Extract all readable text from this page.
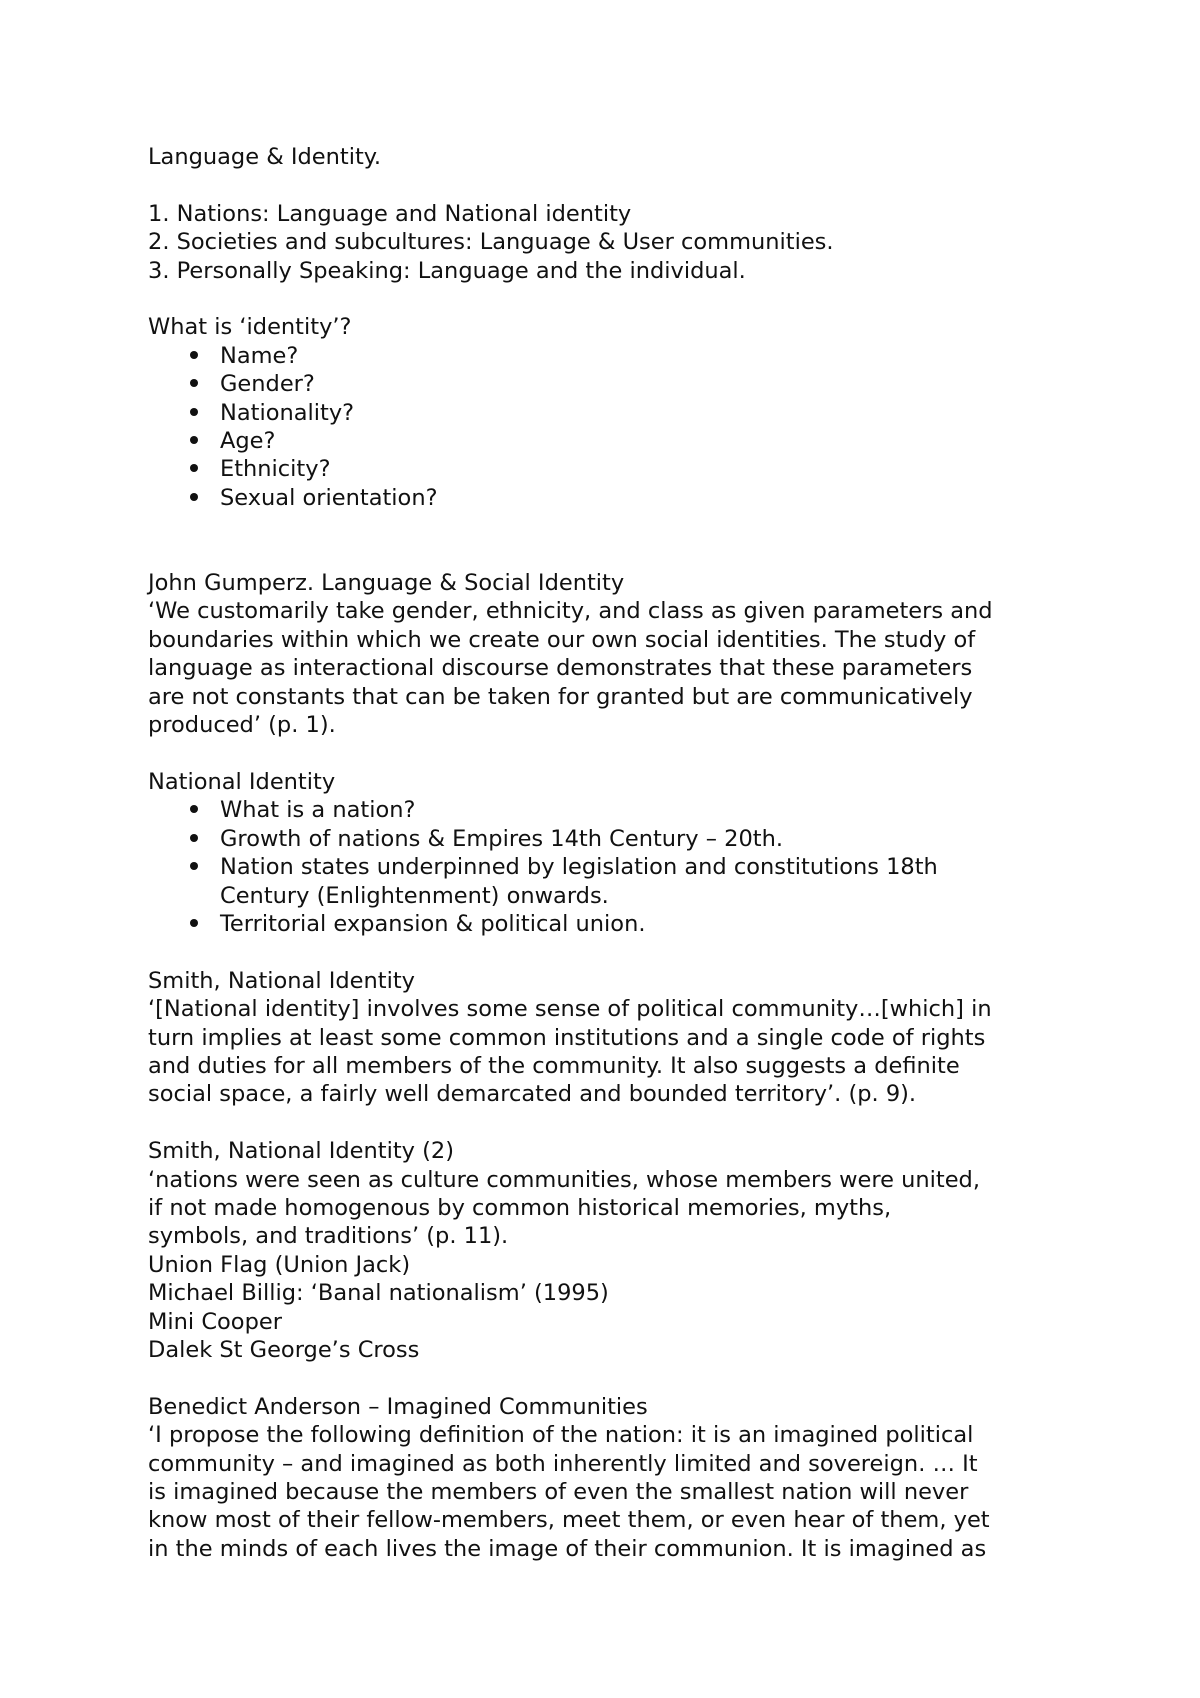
Language & Identity.
1. Nations: Language and National identity
2. Societies and subcultures: Language & User communities.
3. Personally Speaking: Language and the individual.
What is ‘identity’?
Name?
Gender?
Nationality?
Age?
Ethnicity?
Sexual orientation?
John Gumperz. Language & Social Identity
‘We customarily take gender, ethnicity, and class as given parameters and
boundaries within which we create our own social identities. The study of
language as interactional discourse demonstrates that these parameters
are not constants that can be taken for granted but are communicatively
produced’ (p. 1).
National Identity
What is a nation?
Growth of nations & Empires 14th Century – 20th.
Nation states underpinned by legislation and constitutions 18th
Century (Enlightenment) onwards.
Territorial expansion & political union.
Smith, National Identity
‘[National identity] involves some sense of political community…[which] in
turn implies at least some common institutions and a single code of rights
and duties for all members of the community. It also suggests a definite
social space, a fairly well demarcated and bounded territory’. (p. 9).
Smith, National Identity (2)
‘nations were seen as culture communities, whose members were united,
if not made homogenous by common historical memories, myths,
symbols, and traditions’ (p. 11).
Union Flag (Union Jack)
Michael Billig: ‘Banal nationalism’ (1995)
Mini Cooper
Dalek St George’s Cross
Benedict Anderson – Imagined Communities
‘I propose the following definition of the nation: it is an imagined political
community – and imagined as both inherently limited and sovereign. … It
is imagined because the members of even the smallest nation will never
know most of their fellow-members, meet them, or even hear of them, yet
in the minds of each lives the image of their communion. It is imagined as
